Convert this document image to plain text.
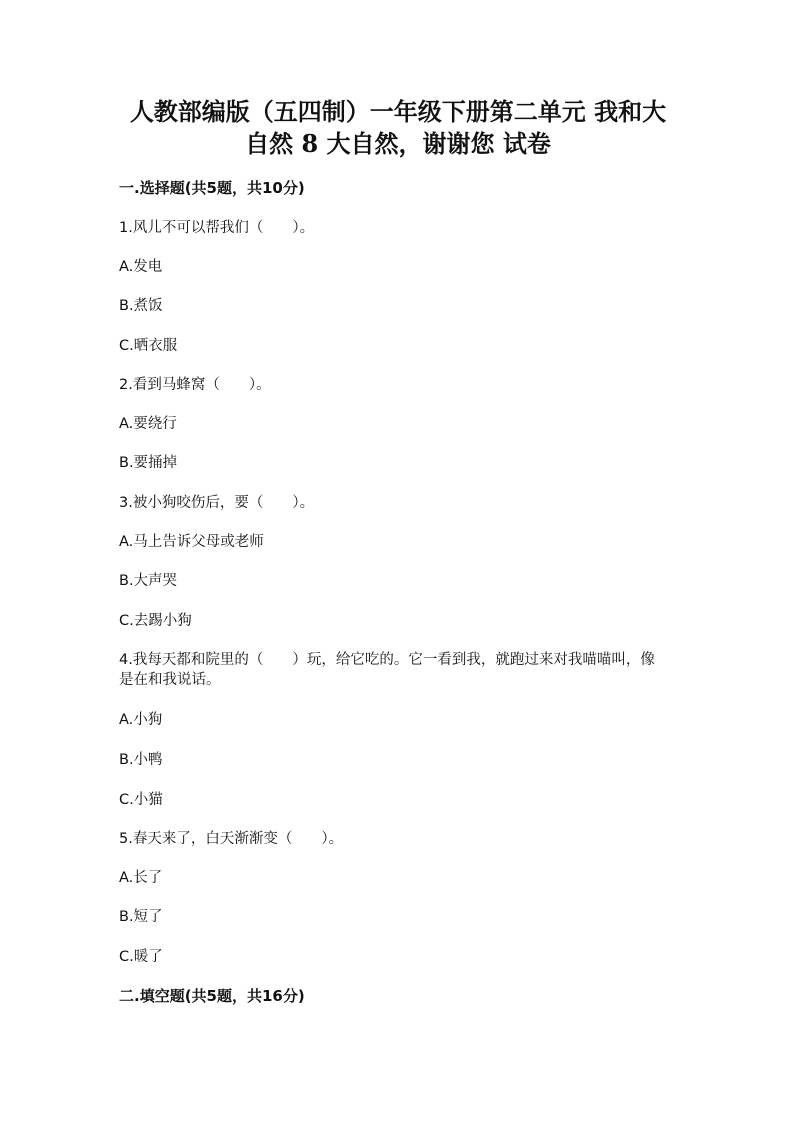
人教部编版（五四制）一年级下册第二单元 我和大
自然 8 大自然，谢谢您 试卷
一.选择题(共5题，共10分)
1.风儿不可以帮我们（　　）。
A.发电
B.煮饭
C.晒衣服
2.看到马蜂窝（　　）。
A.要绕行
B.要捅掉
3.被小狗咬伤后，要（　　）。
A.马上告诉父母或老师
B.大声哭
C.去踢小狗
4.我每天都和院里的（　　）玩，给它吃的。它一看到我，就跑过来对我喵喵叫，像是在和我说话。
A.小狗
B.小鸭
C.小猫
5.春天来了，白天渐渐变（　　）。
A.长了
B.短了
C.暖了
二.填空题(共5题，共16分)
